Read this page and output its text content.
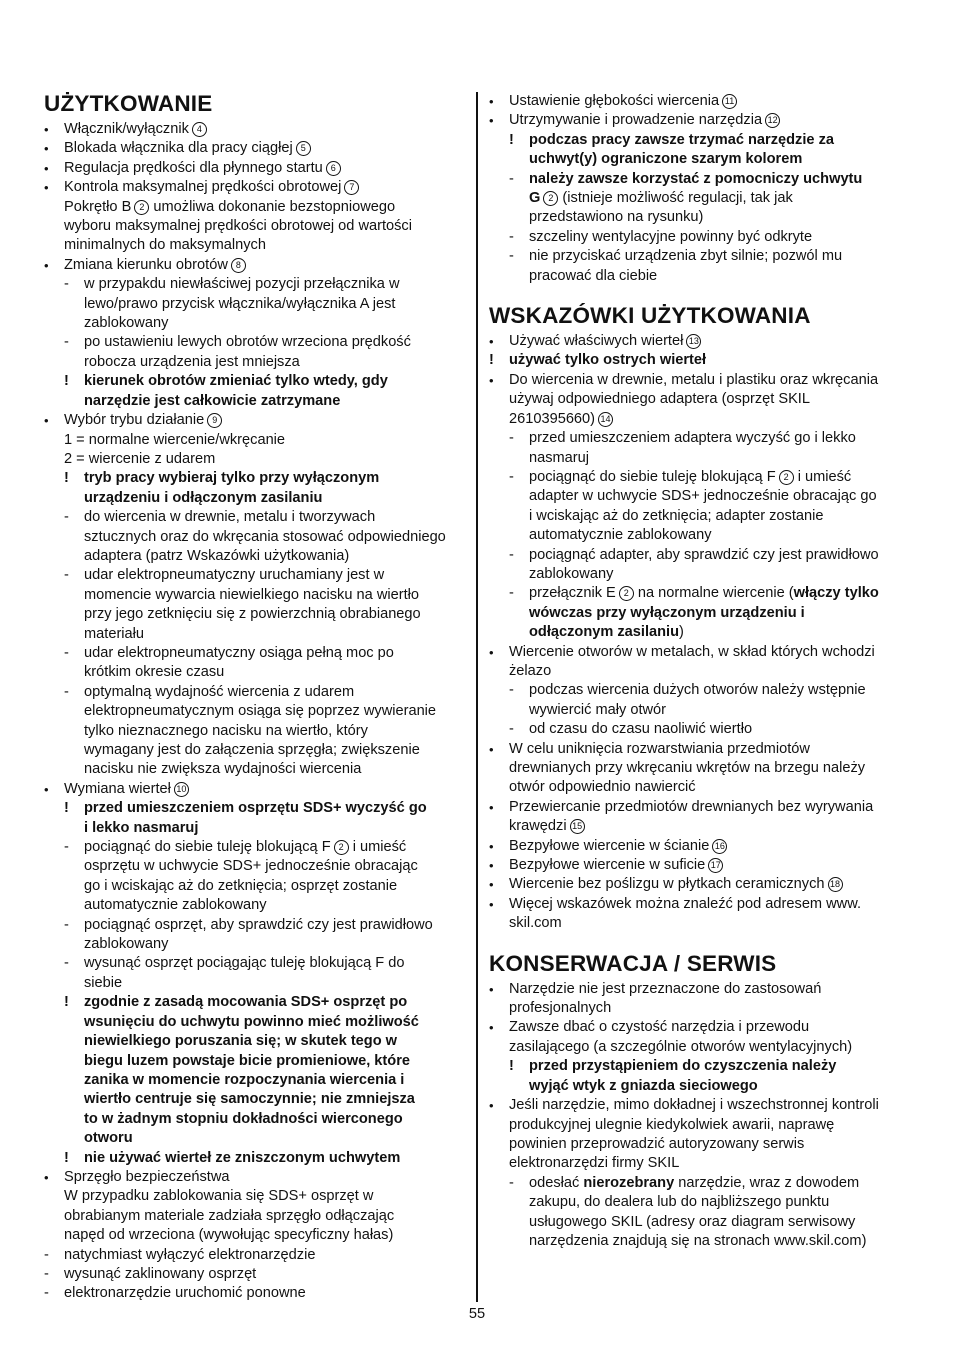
UŻYTKOWANIE
• Włącznik/wyłącznik 4
• Blokada włącznika dla pracy ciągłej 5
• Regulacja prędkości dla płynnego startu 6
• Kontrola maksymalnej prędkości obrotowej 7
Pokrętło B 2 umożliwa dokonanie bezstopniowego
wyboru maksymalnej prędkości obrotowej od wartości
minimalnych do maksymalnych
• Zmiana kierunku obrotów 8
- w przypakdu niewłaściwej pozycji przełącznika w
lewo/prawo przycisk włącznika/wyłącznika A jest
zablokowany
- po ustawieniu lewych obrotów wrzeciona prędkość
robocza urządzenia jest mniejsza
! kierunek obrotów zmieniać tylko wtedy, gdy
narzędzie jest całkowicie zatrzymane
• Wybór trybu działanie 9
1 = normalne wiercenie/wkręcanie
2 = wiercenie z udarem
! tryb pracy wybieraj tylko przy wyłączonym
urządzeniu i odłączonym zasilaniu
- do wiercenia w drewnie, metalu i tworzywach
sztucznych oraz do wkręcania stosować odpowiedniego
adaptera (patrz Wskazówki użytkowania)
- udar elektropneumatyczny uruchamiany jest w
momencie wywarcia niewielkiego nacisku na wiertło
przy jego zetknięciu się z powierzchnią obrabianego
materiału
- udar elektropneumatyczny osiąga pełną moc po
krótkim okresie czasu
- optymalną wydajność wiercenia z udarem
elektropneumatycznym osiąga się poprzez wywieranie
tylko nieznacznego nacisku na wiertło, który
wymagany jest do załączenia sprzęgła; zwiększenie
nacisku nie zwiększa wydajności wiercenia
• Wymiana wierteł 10
! przed umieszczeniem osprzętu SDS+ wyczyść go
i lekko nasmaruj
- pociągnąć do siebie tuleję blokującą F 2 i umieść
osprzętu w uchwycie SDS+ jednocześnie obracając
go i wciskając aż do zetknięcia; osprzęt zostanie
automatycznie zablokowany
- pociągnąć osprzęt, aby sprawdzić czy jest prawidłowo
zablokowany
- wysunąć osprzęt pociągając tuleję blokującą F do
siebie
! zgodnie z zasadą mocowania SDS+ osprzęt po
wsunięciu do uchwytu powinno mieć możliwość
niewielkiego poruszania się; w skutek tego w
biegu luzem powstaje bicie promieniowe, które
zanika w momencie rozpoczynania wiercenia i
wiertło centruje się samoczynnie; nie zmniejsza
to w żadnym stopniu dokładności wierconego
otworu
! nie używać wierteł ze zniszczonym uchwytem
• Sprzęgło bezpieczeństwa
W przypadku zablokowania się SDS+ osprzęt w
obrabianym materiale zadziała sprzęgło odłączając
napęd od wrzeciona (wywołując specyficzny hałas)
- natychmiast wyłączyć elektronarzędzie
- wysunąć zaklinowany osprzęt
- elektronarzędzie uruchomić ponowne
• Ustawienie głębokości wiercenia 11
• Utrzymywanie i prowadzenie narzędzia 12
! podczas pracy zawsze trzymać narzędzie za
uchwyt(y) ograniczone szarym kolorem
- należy zawsze korzystać z pomocniczy uchwytu
G 2 (istnieje możliwość regulacji, tak jak
przedstawiono na rysunku)
- szczeliny wentylacyjne powinny być odkryte
- nie przyciskać urządzenia zbyt silnie; pozwól mu
pracować dla ciebie
WSKAZÓWKI UŻYTKOWANIA
• Używać właściwych wierteł 13
! używać tylko ostrych wierteł
• Do wiercenia w drewnie, metalu i plastiku oraz wkręcania
używaj odpowiedniego adaptera (osprzęt SKIL
2610395660) 14
- przed umieszczeniem adaptera wyczyść go i lekko
nasmaruj
- pociągnąć do siebie tuleję blokującą F 2 i umieść
adapter w uchwycie SDS+ jednocześnie obracając go
i wciskając aż do zetknięcia; adapter zostanie
automatycznie zablokowany
- pociągnąć adapter, aby sprawdzić czy jest prawidłowo
zablokowany
- przełącznik E 2 na normalne wiercenie (włączy tylko
wówczas przy wyłączonym urządzeniu i
odłączonym zasilaniu)
• Wiercenie otworów w metalach, w skład których wchodzi
żelazo
- podczas wiercenia dużych otworów należy wstępnie
wywiercić mały otwór
- od czasu do czasu naoliwić wiertło
• W celu uniknięcia rozwarstwiania przedmiotów
drewnianych przy wkręcaniu wkrętów na brzegu należy
otwór odpowiednio nawiercić
• Przewiercanie przedmiotów drewnianych bez wyrywania
krawędzi 15
• Bezpyłowe wiercenie w ścianie 16
• Bezpyłowe wiercenie w suficie 17
• Wiercenie bez poślizgu w płytkach ceramicznych 18
• Więcej wskazówek można znaleźć pod adresem www.
skil.com
KONSERWACJA / SERWIS
• Narzędzie nie jest przeznaczone do zastosowań
profesjonalnych
• Zawsze dbać o czystość narzędzia i przewodu
zasilającego (a szczególnie otworów wentylacyjnych)
! przed przystąpieniem do czyszczenia należy
wyjąć wtyk z gniazda sieciowego
• Jeśli narzędzie, mimo dokładnej i wszechstronnej kontroli
produkcyjnej ulegnie kiedykolwiek awarii, naprawę
powinien przeprowadzić autoryzowany serwis
elektronarzędzi firmy SKIL
- odesłać nierozebrany narzędzie, wraz z dowodem
zakupu, do dealera lub do najbliższego punktu
usługowego SKIL (adresy oraz diagram serwisowy
narzędzenia znajdują się na stronach www.skil.com)
55
